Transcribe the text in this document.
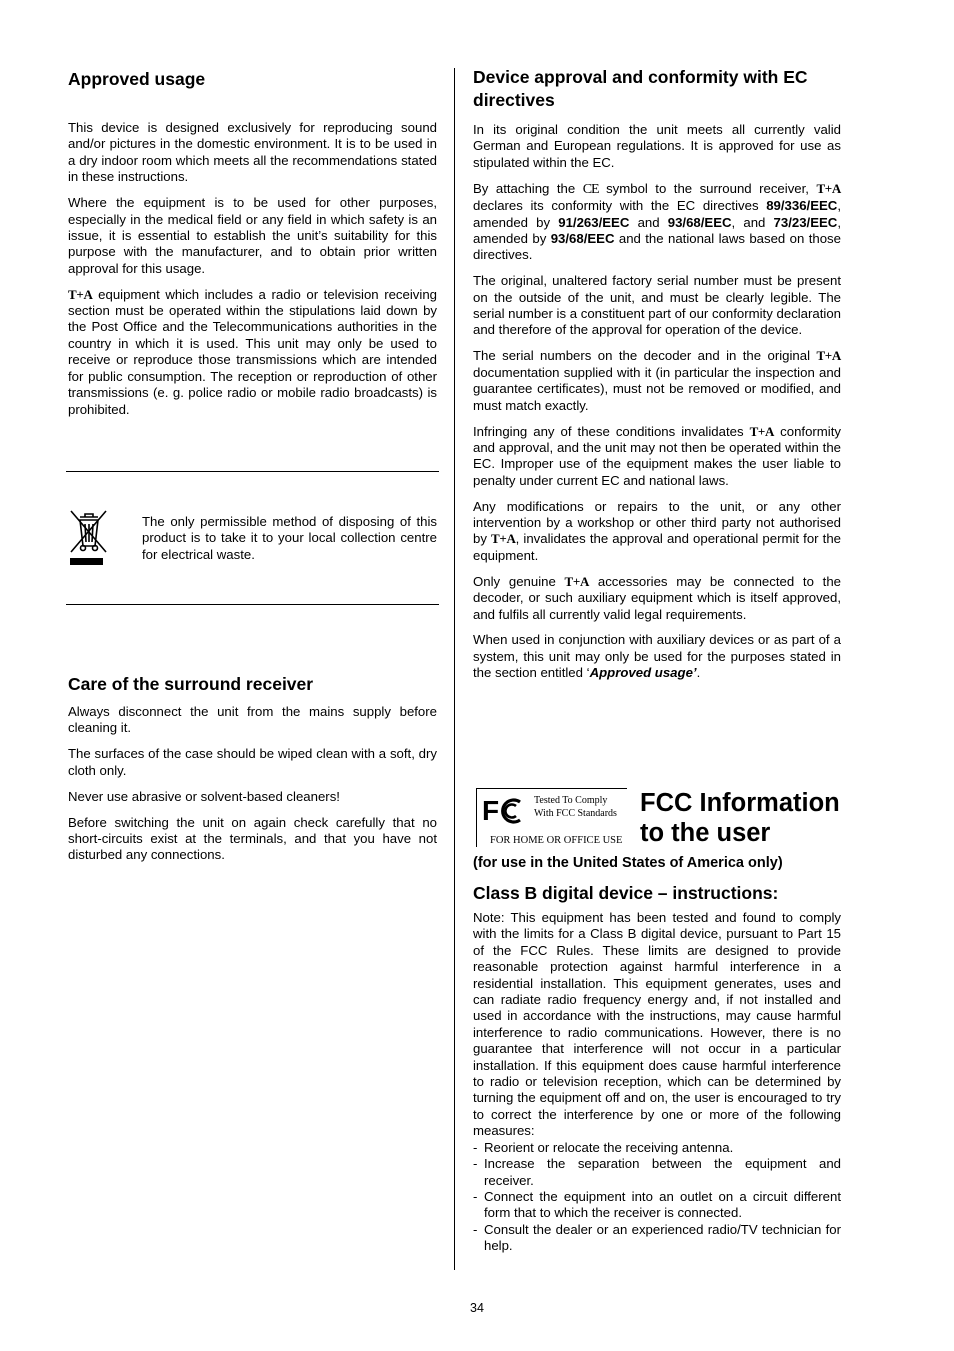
Approved usage

This device is designed exclusively for reproducing sound and/or pictures in the domestic environment. It is to be used in a dry indoor room which meets all the recommendations stated in these instructions.

Where the equipment is to be used for other purposes, especially in the medical field or any field in which safety is an issue, it is essential to establish the unit’s suitability for this purpose with the manufacturer, and to obtain prior written approval for this usage.

T+A equipment which includes a radio or television receiving section must be operated within the stipulations laid down by the Post Office and the Telecommunications authorities in the country in which it is used. This unit may only be used to receive or reproduce those transmissions which are intended for public consumption. The reception or reproduction of other transmissions (e. g. police radio or mobile radio broadcasts) is prohibited.

The only permissible method of disposing of this product is to take it to your local collection centre for electrical waste.
Care of the surround receiver

Always disconnect the unit from the mains supply before cleaning it.

The surfaces of the case should be wiped clean with a soft, dry cloth only.

Never use abrasive or solvent-based cleaners!

Before switching the unit on again check carefully that no short-circuits exist at the terminals, and that you have not disturbed any connections.

Device approval and conformity with EC directives

In its original condition the unit meets all currently valid German and European regulations. It is approved for use as stipulated within the EC.

By attaching the CE symbol to the surround receiver, T+A declares its conformity with the EC directives 89/336/EEC, amended by 91/263/EEC and 93/68/EEC, and 73/23/EEC, amended by 93/68/EEC and the national laws based on those directives.

The original, unaltered factory serial number must be present on the outside of the unit, and must be clearly legible. The serial number is a constituent part of our conformity declaration and therefore of the approval for operation of the device.

The serial numbers on the decoder and in the original T+A documentation supplied with it (in particular the inspection and guarantee certificates), must not be removed or modified, and must match exactly.

Infringing any of these conditions invalidates T+A conformity and approval, and the unit may not then be operated within the EC. Improper use of the equipment makes the user liable to penalty under current EC and national laws.

Any modifications or repairs to the unit, or any other intervention by a workshop or other third party not authorised by T+A, invalidates the approval and operational permit for the equipment.

Only genuine T+A accessories may be connected to the decoder, or such auxiliary equipment which is itself approved, and fulfils all currently valid legal requirements.

When used in conjunction with auxiliary devices or as part of a system, this unit may only be used for the purposes stated in the section entitled ‘Approved usage’.

F	Tested To Comply
With FCC Standards
FOR HOME OR OFFICE USE
FCC Information
to the user
(for use in the United States of America only)
Class B digital device – instructions:
Note: This equipment has been tested and found to comply with the limits for a Class B digital device, pursuant to Part 15 of the FCC Rules. These limits are designed to provide reasonable protection against harmful interference in a residential installation. This equipment generates, uses and can radiate radio frequency energy and, if not installed and used in accordance with the instructions, may cause harmful interference to radio communications. However, there is no guarantee that interference will not occur in a particular installation. If this equipment does cause harmful interference to radio or television reception, which can be determined by turning the equipment off and on, the user is encouraged to try to correct the interference by one or more of the following measures:
- Reorient or relocate the receiving antenna.
- Increase the separation between the equipment and receiver.
- Connect the equipment into an outlet on a circuit different form that to which the receiver is connected.
- Consult the dealer or an experienced radio/TV technician for help.
34
